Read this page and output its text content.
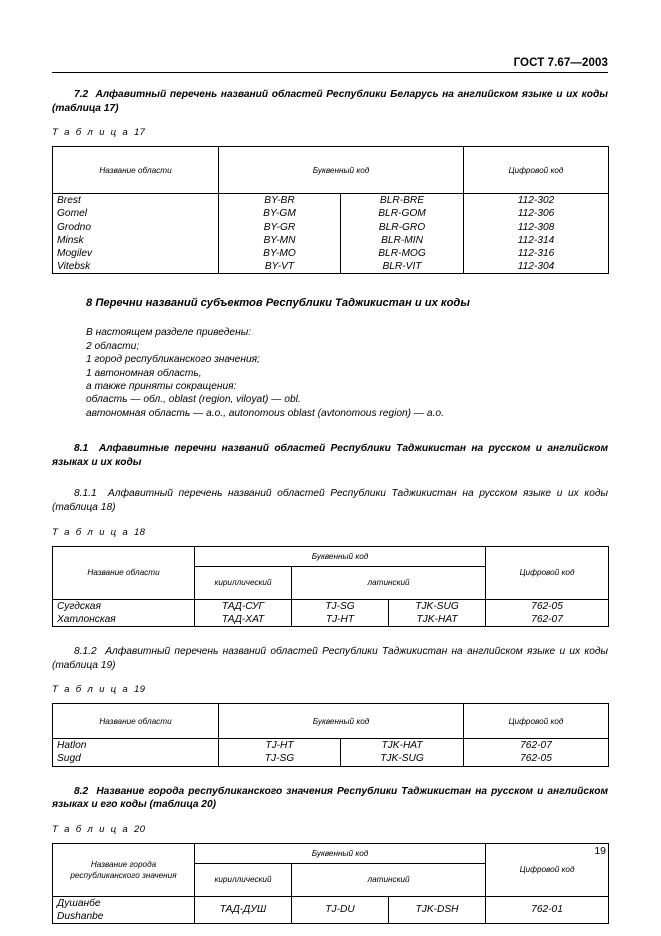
ГОСТ 7.67—2003

7.2 Алфавитный перечень названий областей Республики Беларусь на английском языке и их коды (таблица 17)

Т а б л и ц а 17

Название области	Буквенный код		Цифровой код
Brest	BY-BR	BLR-BRE	112-302
Gomel	BY-GM	BLR-GOM	112-306
Grodno	BY-GR	BLR-GRO	112-308
Minsk	BY-MN	BLR-MIN	112-314
Mogilev	BY-MO	BLR-MOG	112-316
Vitebsk	BY-VT	BLR-VIT	112-304

8 Перечни названий субъектов Республики Таджикистан и их коды

В настоящем разделе приведены:
2 области;
1 город республиканского значения;
1 автономная область,
а также приняты сокращения:
область — обл., oblast (region, viloyat) — obl.
автономная область — а.о., autonomous oblast (avtonomous region) — a.o.

8.1 Алфавитные перечни названий областей Республики Таджикистан на русском и английском языках и их коды

8.1.1 Алфавитный перечень названий областей Республики Таджикистан на русском языке и их коды (таблица 18)

Т а б л и ц а 18

Название области	Буквенный код			Цифровой код
	кириллический	латинский		
Сугдская	ТАД-СУГ	TJ-SG	TJK-SUG	762-05
Хатлонская	ТАД-ХАТ	TJ-HT	TJK-HAT	762-07

8.1.2 Алфавитный перечень названий областей Республики Таджикистан на английском языке и их коды (таблица 19)

Т а б л и ц а 19

Название области	Буквенный код		Цифровой код
Hatlon	TJ-HT	TJK-HAT	762-07
Sugd	TJ-SG	TJK-SUG	762-05

8.2 Название города республиканского значения Республики Таджикистан на русском и английском языках и его коды (таблица 20)

Т а б л и ц а 20

Название города
республиканского значения	Буквенный код			Цифровой код
	кириллический	латинский		

Душанбе
Dushanbe	ТАД-ДУШ	TJ-DU	TJK-DSH	762-01
19
